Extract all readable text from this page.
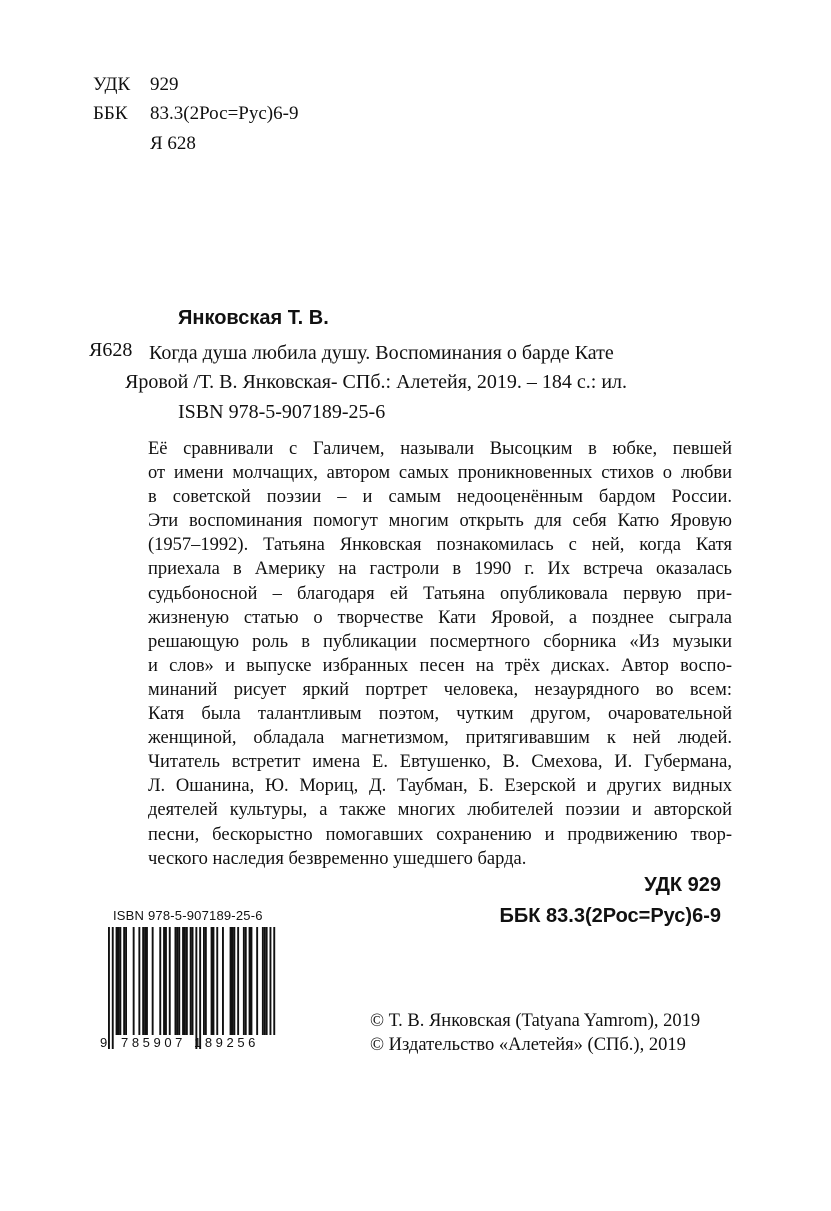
УДК 929
ББК 83.3(2Рос=Рус)6-9
Я 628
Янковская Т. В.
Я628 Когда душа любила душу. Воспоминания о барде Кате
Яровой /Т. В. Янковская- СПб.: Алетейя, 2019. – 184 с.: ил.
ISBN 978-5-907189-25-6
Её сравнивали с Галичем, называли Высоцким в юбке, певшей
от имени молчащих, автором самых проникновенных стихов о любви
в советской поэзии – и самым недооценённым бардом России.
Эти воспоминания помогут многим открыть для себя Катю Яровую
(1957–1992). Татьяна Янковская познакомилась с ней, когда Катя
приехала в Америку на гастроли в 1990 г. Их встреча оказалась
судьбоносной – благодаря ей Татьяна опубликовала первую при-
жизненую статью о творчестве Кати Яровой, а позднее сыграла
решающую роль в публикации посмертного сборника «Из музыки
и слов» и выпуске избранных песен на трёх дисках. Автор воспо-
минаний рисует яркий портрет человека, незаурядного во всем:
Катя была талантливым поэтом, чутким другом, очаровательной
женщиной, обладала магнетизмом, притягивавшим к ней людей.
Читатель встретит имена Е. Евтушенко, В. Смехова, И. Губермана,
Л. Ошанина, Ю. Мориц, Д. Таубман, Б. Езерской и других видных
деятелей культуры, а также многих любителей поэзии и авторской
песни, бескорыстно помогавших сохранению и продвижению твор-
ческого наследия безвременно ушедшего барда.
УДК 929
ББК 83.3(2Рос=Рус)6-9
ISBN 978-5-907189-25-6
9 785907 189256
© Т. В. Янковская (Tatyana Yamrom), 2019
© Издательство «Алетейя» (СПб.), 2019
